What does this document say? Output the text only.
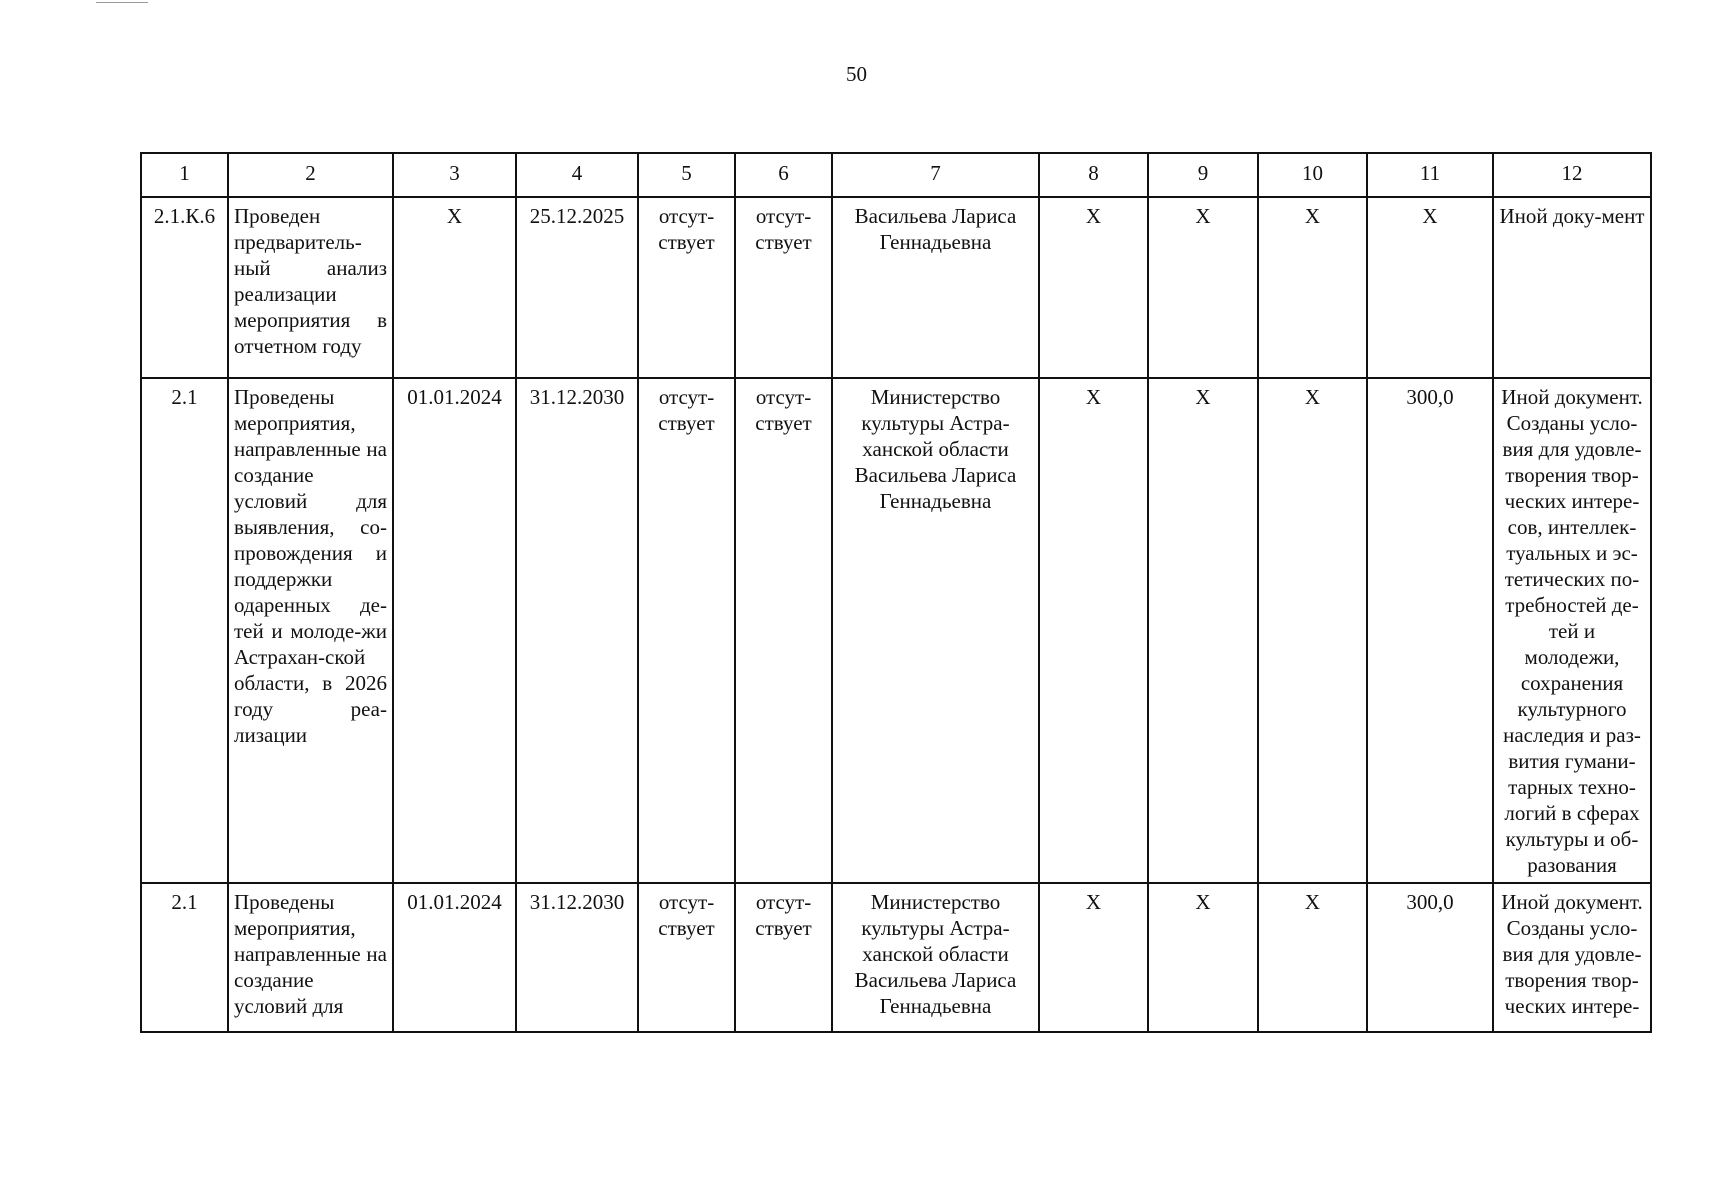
50
1	2	3	4	5	6	7	8	9	10	11	12
2.1.К.6	Проведен предваритель-ный анализ реализации мероприятия в отчетном году	X	25.12.2025	отсут-ствует	отсут-ствует	Васильева Лариса Геннадьевна	X	X	X	X	Иной доку-мент
2.1	Проведены мероприятия, направленные на создание условий для выявления, со-провождения и поддержки одаренных де-тей и молоде-жи Астрахан-ской области, в 2026 году реа-лизации	01.01.2024	31.12.2030	отсут-ствует	отсут-ствует	Министерство культуры Астра-ханской области Васильева Лариса Геннадьевна	X	X	X	300,0	Иной документ. Созданы усло-вия для удовле-творения твор-ческих интере-сов, интеллек-туальных и эс-тетических по-требностей де-тей и молодежи, сохранения культурного наследия и раз-вития гумани-тарных техно-логий в сферах культуры и об-разования
2.1	Проведены мероприятия, направленные на создание условий для	01.01.2024	31.12.2030	отсут-ствует	отсут-ствует	Министерство культуры Астра-ханской области Васильева Лариса Геннадьевна	X	X	X	300,0	Иной документ. Созданы усло-вия для удовле-творения твор-ческих интере-
